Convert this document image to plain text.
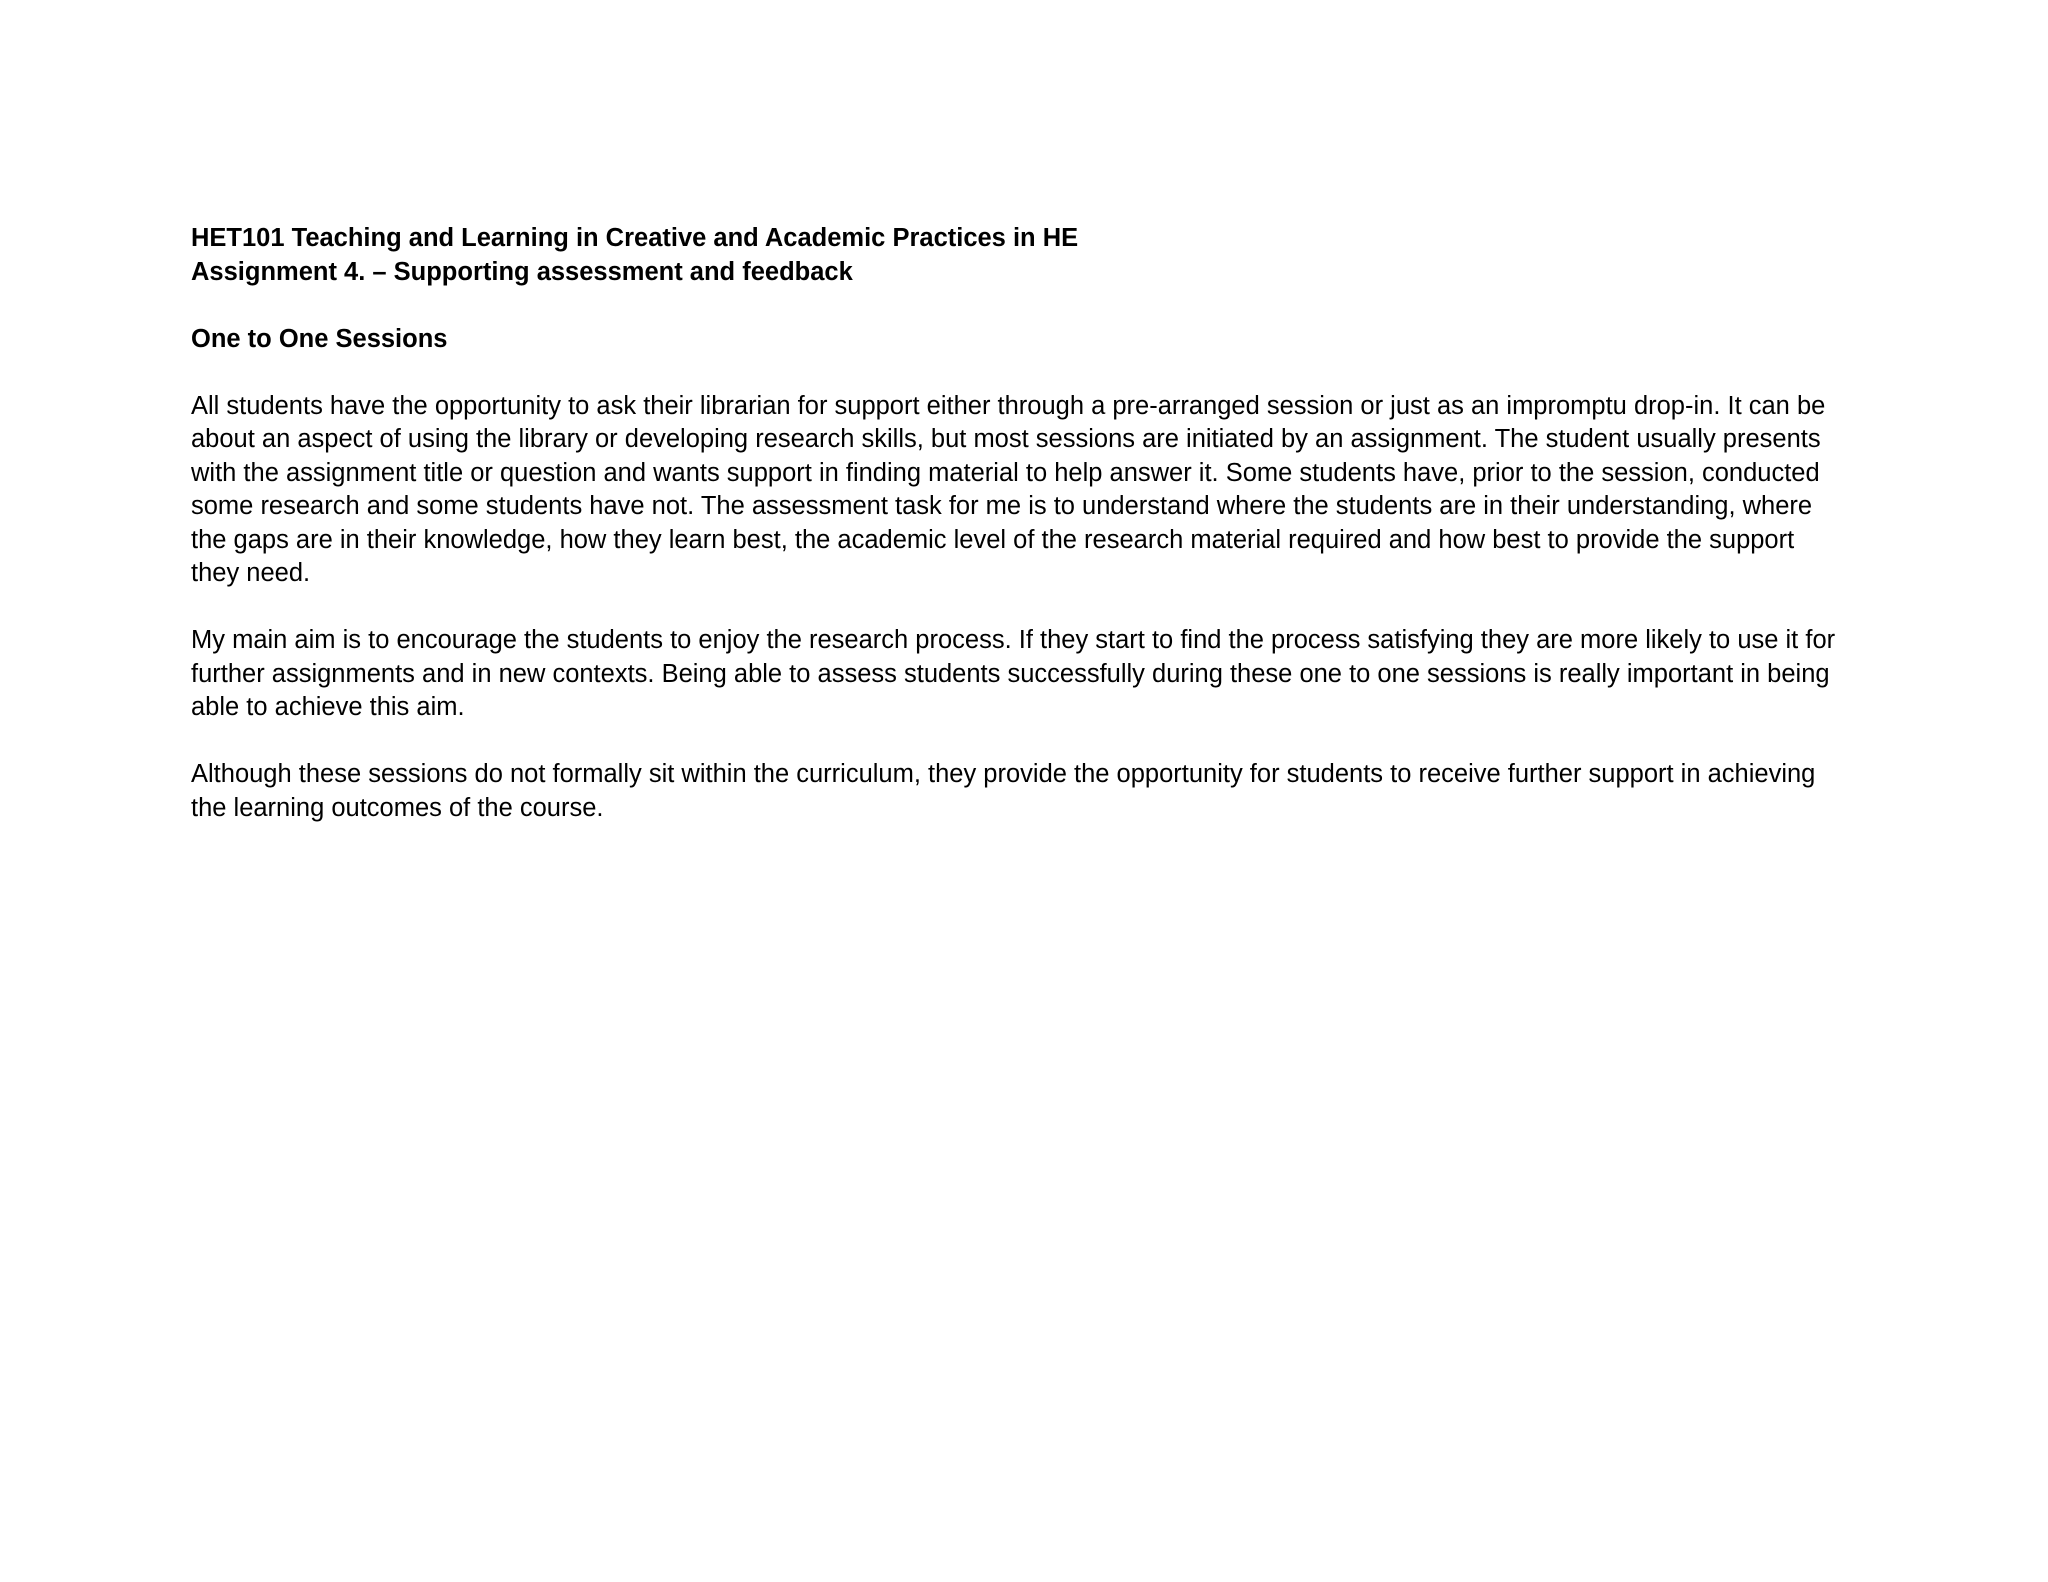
HET101 Teaching and Learning in Creative and Academic Practices in HE

Assignment 4. – Supporting assessment and feedback

One to One Sessions

All students have the opportunity to ask their librarian for support either through a pre-arranged session or just as an impromptu drop-in. It can be
about an aspect of using the library or developing research skills, but most sessions are initiated by an assignment. The student usually presents
with the assignment title or question and wants support in finding material to help answer it. Some students have, prior to the session, conducted
some research and some students have not. The assessment task for me is to understand where the students are in their understanding, where
the gaps are in their knowledge, how they learn best, the academic level of the research material required and how best to provide the support
they need.

My main aim is to encourage the students to enjoy the research process. If they start to find the process satisfying they are more likely to use it for
further assignments and in new contexts. Being able to assess students successfully during these one to one sessions is really important in being
able to achieve this aim.

Although these sessions do not formally sit within the curriculum, they provide the opportunity for students to receive further support in achieving
the learning outcomes of the course.
